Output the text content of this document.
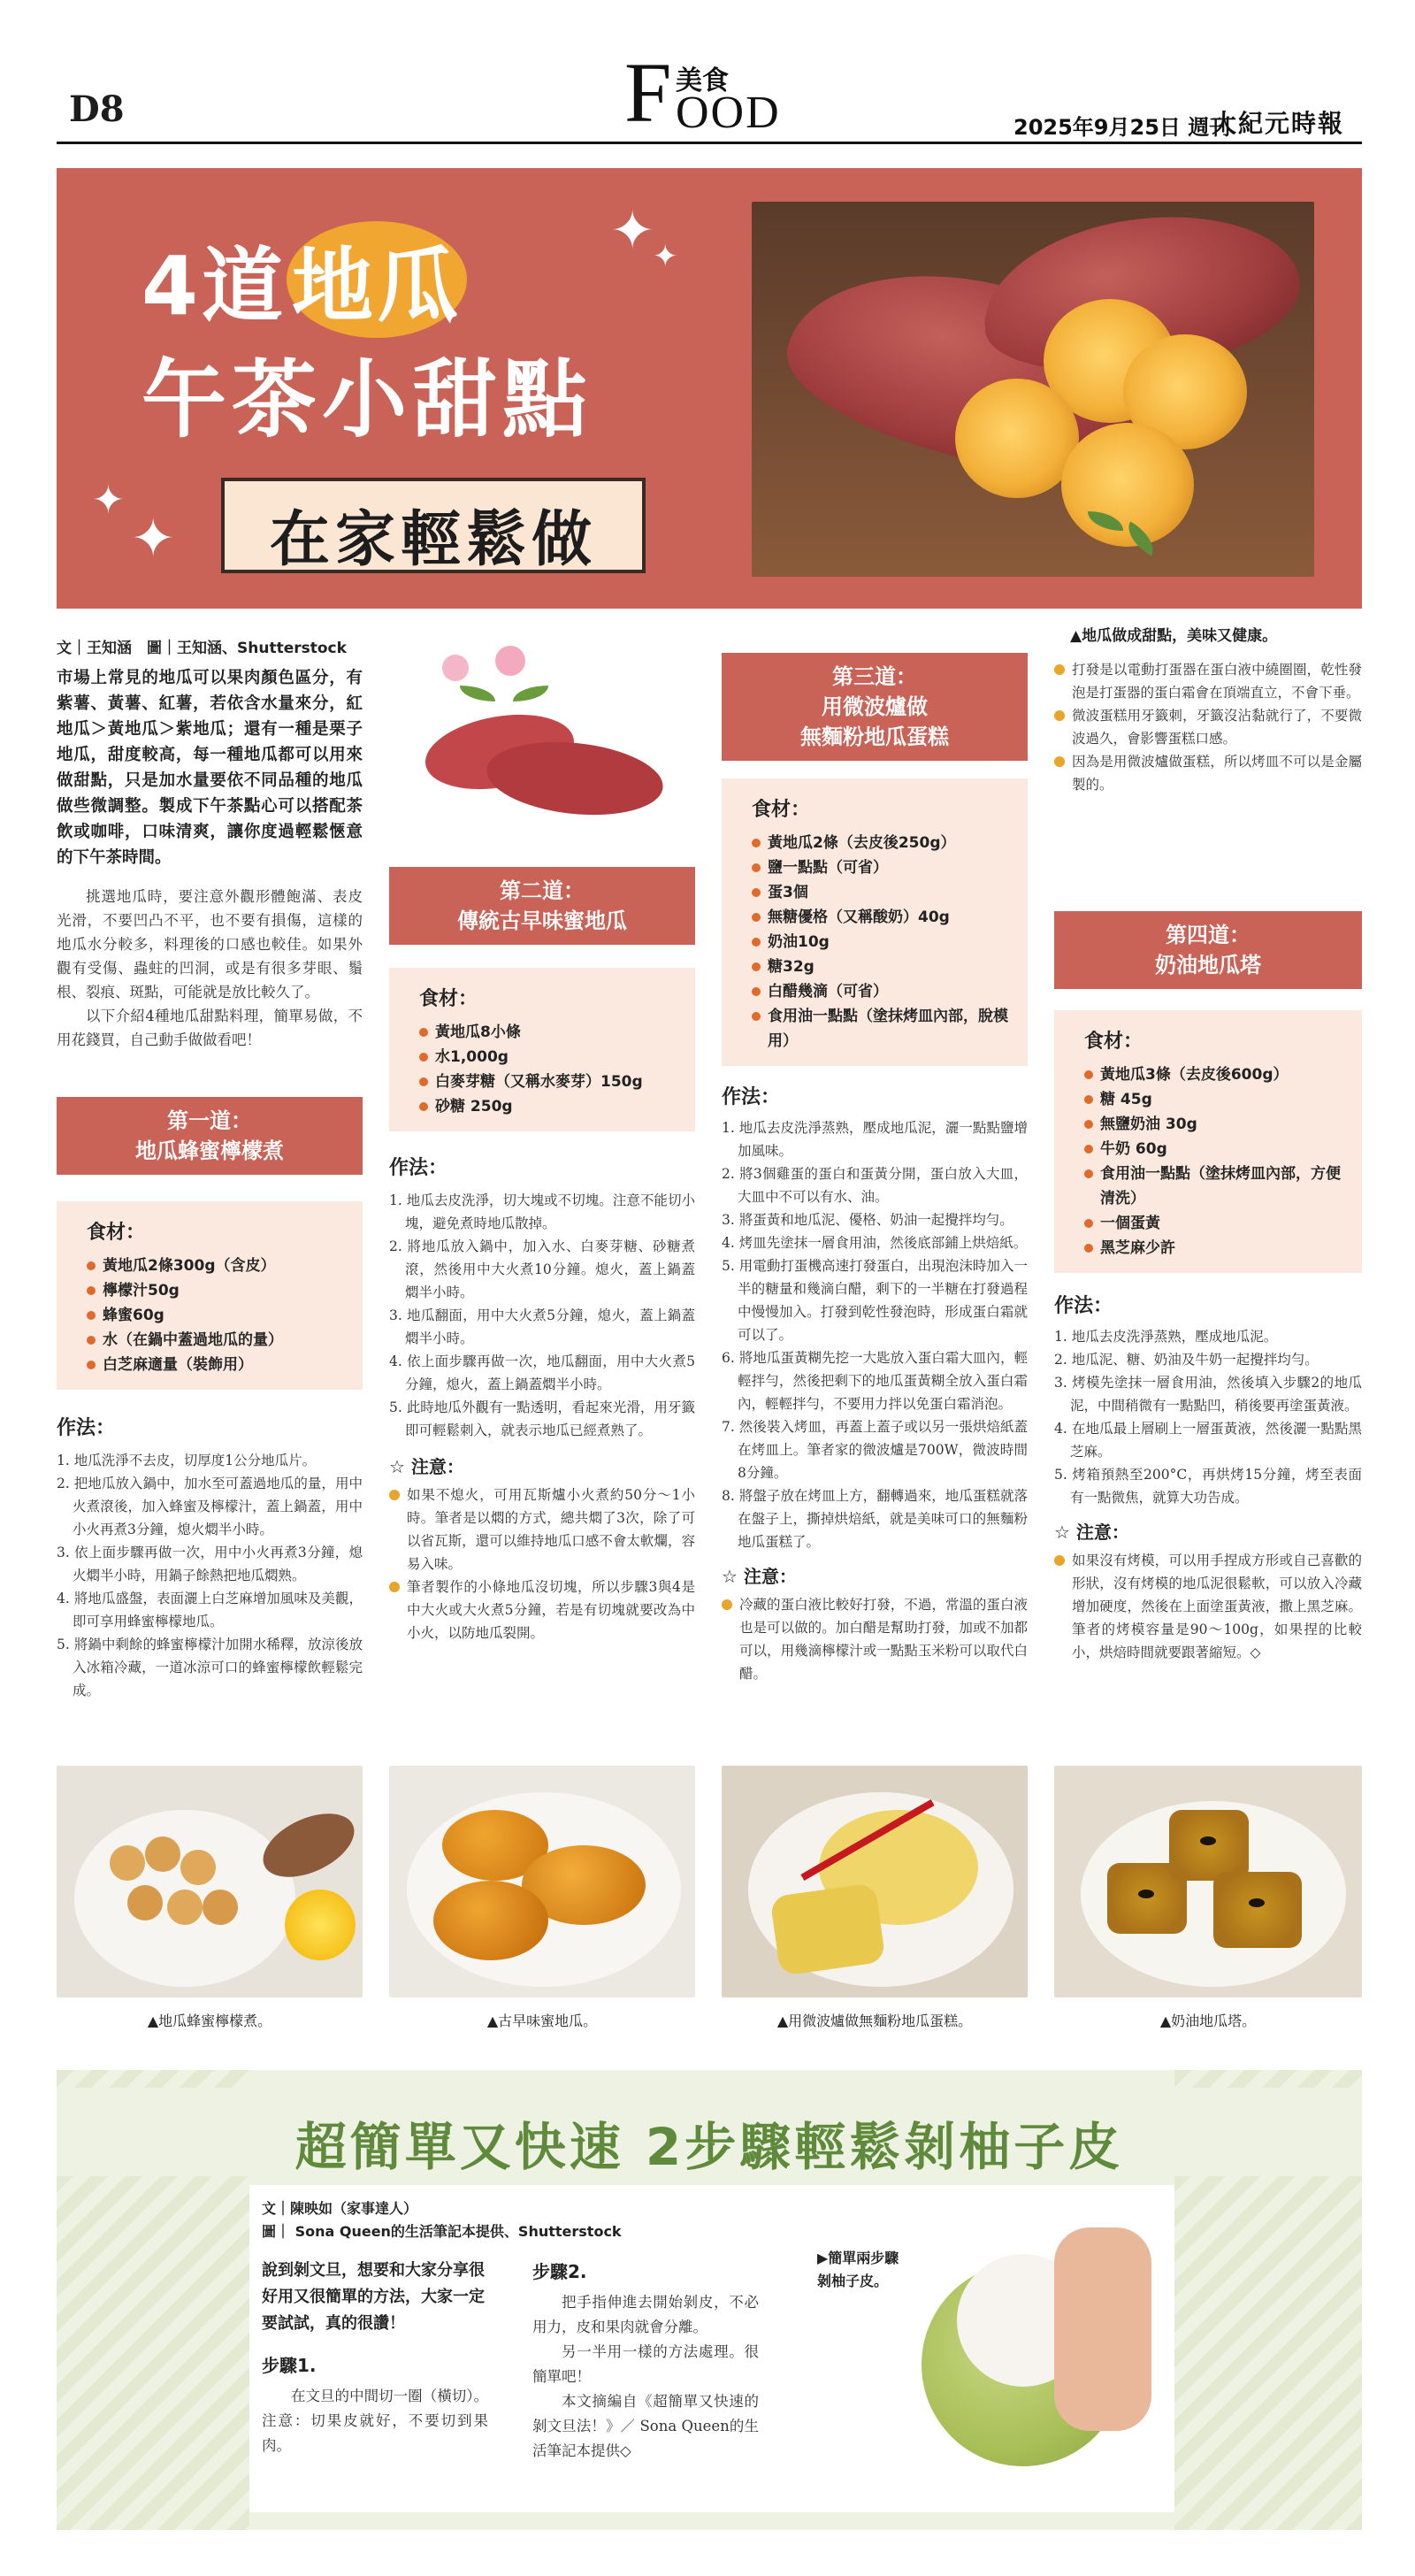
D8	F 美食
OOD	2025年9月25日 週刊
大紀元時報
4道地瓜
午茶小甜點
在家輕鬆做
✦
✦
✦
✦
▲地瓜做成甜點，美味又健康。
文｜王知涵　圖｜王知涵、Shutterstock
市場上常見的地瓜可以果肉顏色區分，有紫薯、黃薯、紅薯，若依含水量來分，紅地瓜＞黃地瓜＞紫地瓜；還有一種是栗子地瓜，甜度較高，每一種地瓜都可以用來做甜點，只是加水量要依不同品種的地瓜做些微調整。製成下午茶點心可以搭配茶飲或咖啡，口味清爽，讓你度過輕鬆愜意的下午茶時間。

挑選地瓜時，要注意外觀形體飽滿、表皮光滑，不要凹凸不平，也不要有損傷，這樣的地瓜水分較多，料理後的口感也較佳。如果外觀有受傷、蟲蛀的凹洞，或是有很多芽眼、鬚根、裂痕、斑點，可能就是放比較久了。

以下介紹4種地瓜甜點料理，簡單易做，不用花錢買，自己動手做做看吧！

第一道：
地瓜蜂蜜檸檬煮
食材：
黃地瓜2條300g（含皮）
檸檬汁50g
蜂蜜60g
水（在鍋中蓋過地瓜的量）
白芝麻適量（裝飾用）
作法：
1. 地瓜洗淨不去皮，切厚度1公分地瓜片。
2. 把地瓜放入鍋中，加水至可蓋過地瓜的量，用中火煮滾後，加入蜂蜜及檸檬汁，蓋上鍋蓋，用中小火再煮3分鐘，熄火燜半小時。
3. 依上面步驟再做一次，用中小火再煮3分鐘，熄火燜半小時，用鍋子餘熱把地瓜燜熟。
4. 將地瓜盛盤，表面灑上白芝麻增加風味及美觀，即可享用蜂蜜檸檬地瓜。
5. 將鍋中剩餘的蜂蜜檸檬汁加開水稀釋，放涼後放入冰箱冷藏，一道冰涼可口的蜂蜜檸檬飲輕鬆完成。
▲地瓜蜂蜜檸檬煮。
第二道：
傳統古早味蜜地瓜
食材：
黃地瓜8小條
水1,000g
白麥芽糖（又稱水麥芽）150g
砂糖 250g
作法：
1. 地瓜去皮洗淨，切大塊或不切塊。注意不能切小塊，避免煮時地瓜散掉。
2. 將地瓜放入鍋中，加入水、白麥芽糖、砂糖煮滾，然後用中大火煮10分鐘。熄火，蓋上鍋蓋燜半小時。
3. 地瓜翻面，用中大火煮5分鐘，熄火，蓋上鍋蓋燜半小時。
4. 依上面步驟再做一次，地瓜翻面，用中大火煮5分鐘，熄火，蓋上鍋蓋燜半小時。
5. 此時地瓜外觀有一點透明，看起來光滑，用牙籤即可輕鬆刺入，就表示地瓜已經煮熟了。
☆ 注意：
如果不熄火，可用瓦斯爐小火煮約50分～1小時。筆者是以燜的方式，總共燜了3次，除了可以省瓦斯，還可以維持地瓜口感不會太軟爛，容易入味。
筆者製作的小條地瓜沒切塊，所以步驟3與4是中大火或大火煮5分鐘，若是有切塊就要改為中小火，以防地瓜裂開。
▲古早味蜜地瓜。
第三道：
用微波爐做
無麵粉地瓜蛋糕
食材：
黃地瓜2條（去皮後250g）
鹽一點點（可省）
蛋3個
無糖優格（又稱酸奶）40g
奶油10g
糖32g
白醋幾滴（可省）
食用油一點點（塗抹烤皿內部，脫模用）
作法：
1. 地瓜去皮洗淨蒸熟，壓成地瓜泥，灑一點點鹽增加風味。
2. 將3個雞蛋的蛋白和蛋黃分開，蛋白放入大皿，大皿中不可以有水、油。
3. 將蛋黃和地瓜泥、優格、奶油一起攪拌均勻。
4. 烤皿先塗抹一層食用油，然後底部鋪上烘焙紙。
5. 用電動打蛋機高速打發蛋白，出現泡沫時加入一半的糖量和幾滴白醋，剩下的一半糖在打發過程中慢慢加入。打發到乾性發泡時，形成蛋白霜就可以了。
6. 將地瓜蛋黃糊先挖一大匙放入蛋白霜大皿內，輕輕拌勻，然後把剩下的地瓜蛋黃糊全放入蛋白霜內，輕輕拌勻，不要用力拌以免蛋白霜消泡。
7. 然後裝入烤皿，再蓋上蓋子或以另一張烘焙紙蓋在烤皿上。筆者家的微波爐是700W，微波時間8分鐘。
8. 將盤子放在烤皿上方，翻轉過來，地瓜蛋糕就落在盤子上，撕掉烘焙紙，就是美味可口的無麵粉地瓜蛋糕了。
☆ 注意：
冷藏的蛋白液比較好打發，不過，常溫的蛋白液也是可以做的。加白醋是幫助打發，加或不加都可以，用幾滴檸檬汁或一點點玉米粉可以取代白醋。
▲用微波爐做無麵粉地瓜蛋糕。
打發是以電動打蛋器在蛋白液中繞圈圈，乾性發泡是打蛋器的蛋白霜會在頂端直立，不會下垂。
微波蛋糕用牙籤刺，牙籤沒沾黏就行了，不要微波過久，會影響蛋糕口感。
因為是用微波爐做蛋糕，所以烤皿不可以是金屬製的。
第四道：
奶油地瓜塔
食材：
黃地瓜3條（去皮後600g）
糖 45g
無鹽奶油 30g
牛奶 60g
食用油一點點（塗抹烤皿內部，方便清洗）
一個蛋黃
黑芝麻少許
作法：
1. 地瓜去皮洗淨蒸熟，壓成地瓜泥。
2. 地瓜泥、糖、奶油及牛奶一起攪拌均勻。
3. 烤模先塗抹一層食用油，然後填入步驟2的地瓜泥，中間稍微有一點點凹，稍後要再塗蛋黃液。
4. 在地瓜最上層刷上一層蛋黃液，然後灑一點點黑芝麻。
5. 烤箱預熱至200°C，再烘烤15分鐘，烤至表面有一點微焦，就算大功告成。
☆ 注意：
如果沒有烤模，可以用手捏成方形或自己喜歡的形狀，沒有烤模的地瓜泥很鬆軟，可以放入冷藏增加硬度，然後在上面塗蛋黃液，撒上黑芝麻。筆者的烤模容量是90～100g，如果捏的比較小，烘焙時間就要跟著縮短。◇
▲奶油地瓜塔。
超簡單又快速 2步驟輕鬆剝柚子皮
文｜陳映如（家事達人）
圖｜ Sona Queen的生活筆記本提供、Shutterstock
說到剝文旦，想要和大家分享很好用又很簡單的方法，大家一定要試試，真的很讚！
步驟1.

在文旦的中間切一圈（橫切）。注意：切果皮就好，不要切到果肉。

步驟2.

把手指伸進去開始剝皮，不必用力，皮和果肉就會分離。

另一半用一樣的方法處理。很簡單吧！

本文摘編自《超簡單又快速的剝文旦法！》／ Sona Queen的生活筆記本提供◇

▶簡單兩步驟剝柚子皮。
